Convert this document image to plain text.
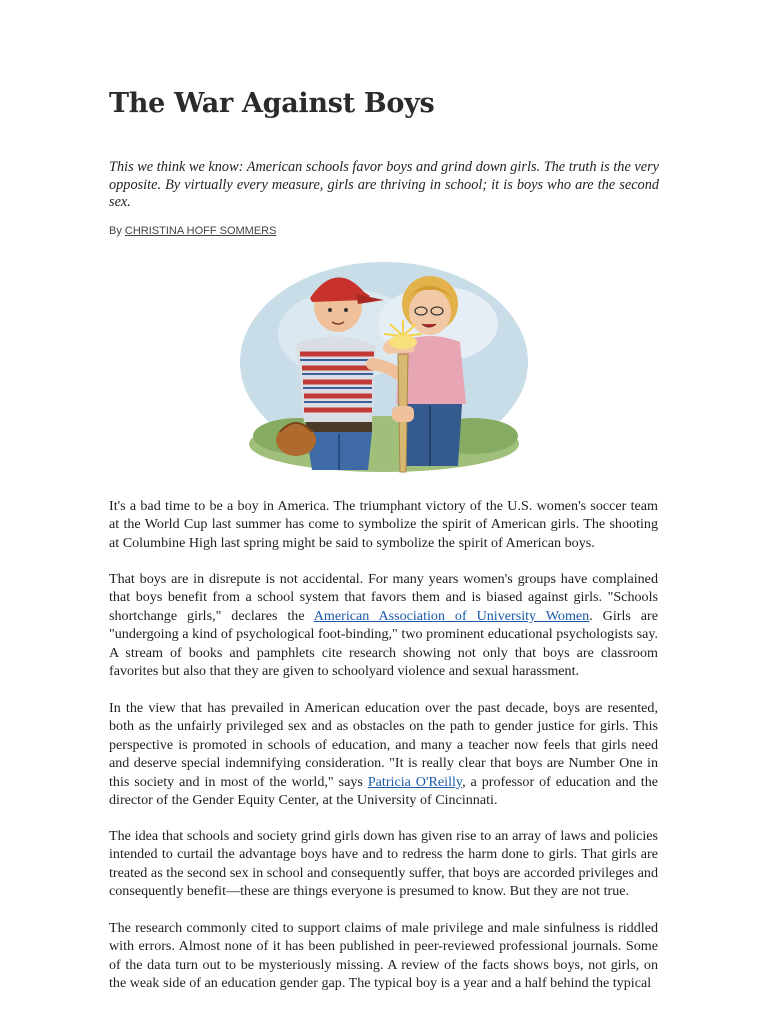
The War Against Boys

This we think we know: American schools favor boys and grind down girls. The truth is the very opposite. By virtually every measure, girls are thriving in school; it is boys who are the second sex.

By CHRISTINA HOFF SOMMERS

It's a bad time to be a boy in America. The triumphant victory of the U.S. women's soccer team at the World Cup last summer has come to symbolize the spirit of American girls. The shooting at Columbine High last spring might be said to symbolize the spirit of American boys.

That boys are in disrepute is not accidental. For many years women's groups have complained that boys benefit from a school system that favors them and is biased against girls. "Schools shortchange girls," declares the American Association of University Women. Girls are "undergoing a kind of psychological foot-binding," two prominent educational psychologists say. A stream of books and pamphlets cite research showing not only that boys are classroom favorites but also that they are given to schoolyard violence and sexual harassment.

In the view that has prevailed in American education over the past decade, boys are resented, both as the unfairly privileged sex and as obstacles on the path to gender justice for girls. This perspective is promoted in schools of education, and many a teacher now feels that girls need and deserve special indemnifying consideration. "It is really clear that boys are Number One in this society and in most of the world," says Patricia O'Reilly, a professor of education and the director of the Gender Equity Center, at the University of Cincinnati.

The idea that schools and society grind girls down has given rise to an array of laws and policies intended to curtail the advantage boys have and to redress the harm done to girls. That girls are treated as the second sex in school and consequently suffer, that boys are accorded privileges and consequently benefit—these are things everyone is presumed to know. But they are not true.

The research commonly cited to support claims of male privilege and male sinfulness is riddled with errors. Almost none of it has been published in peer-reviewed professional journals. Some of the data turn out to be mysteriously missing. A review of the facts shows boys, not girls, on the weak side of an education gender gap. The typical boy is a year and a half behind the typical
